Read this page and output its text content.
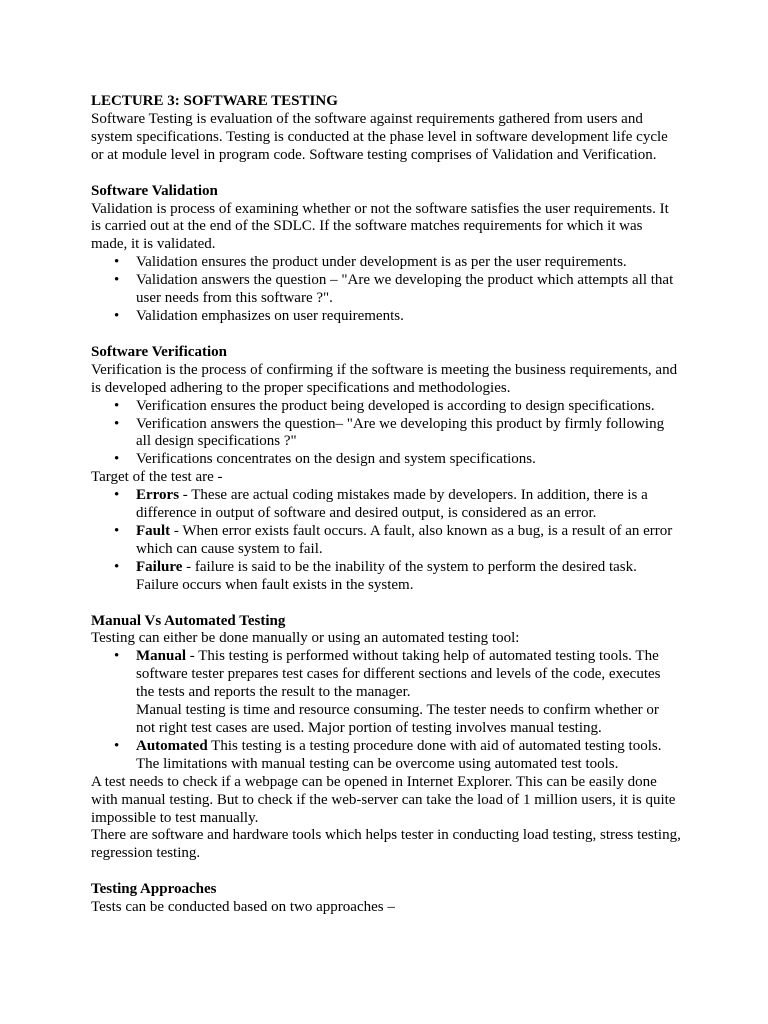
LECTURE 3: SOFTWARE TESTING

Software Testing is evaluation of the software against requirements gathered from users and system specifications. Testing is conducted at the phase level in software development life cycle or at module level in program code. Software testing comprises of Validation and Verification.

Software Validation

Validation is process of examining whether or not the software satisfies the user requirements. It is carried out at the end of the SDLC. If the software matches requirements for which it was made, it is validated.

• Validation ensures the product under development is as per the user requirements.
• Validation answers the question – "Are we developing the product which attempts all that user needs from this software ?".
• Validation emphasizes on user requirements.

Software Verification

Verification is the process of confirming if the software is meeting the business requirements, and is developed adhering to the proper specifications and methodologies.

• Verification ensures the product being developed is according to design specifications.
• Verification answers the question– "Are we developing this product by firmly following all design specifications ?"
• Verifications concentrates on the design and system specifications.

Target of the test are -

• Errors - These are actual coding mistakes made by developers. In addition, there is a difference in output of software and desired output, is considered as an error.
• Fault - When error exists fault occurs. A fault, also known as a bug, is a result of an error which can cause system to fail.
• Failure - failure is said to be the inability of the system to perform the desired task. Failure occurs when fault exists in the system.

Manual Vs Automated Testing

Testing can either be done manually or using an automated testing tool:

• Manual - This testing is performed without taking help of automated testing tools. The software tester prepares test cases for different sections and levels of the code, executes the tests and reports the result to the manager.
Manual testing is time and resource consuming. The tester needs to confirm whether or not right test cases are used. Major portion of testing involves manual testing.
• Automated This testing is a testing procedure done with aid of automated testing tools. The limitations with manual testing can be overcome using automated test tools.

A test needs to check if a webpage can be opened in Internet Explorer. This can be easily done with manual testing. But to check if the web-server can take the load of 1 million users, it is quite impossible to test manually.

There are software and hardware tools which helps tester in conducting load testing, stress testing, regression testing.

Testing Approaches

Tests can be conducted based on two approaches –
